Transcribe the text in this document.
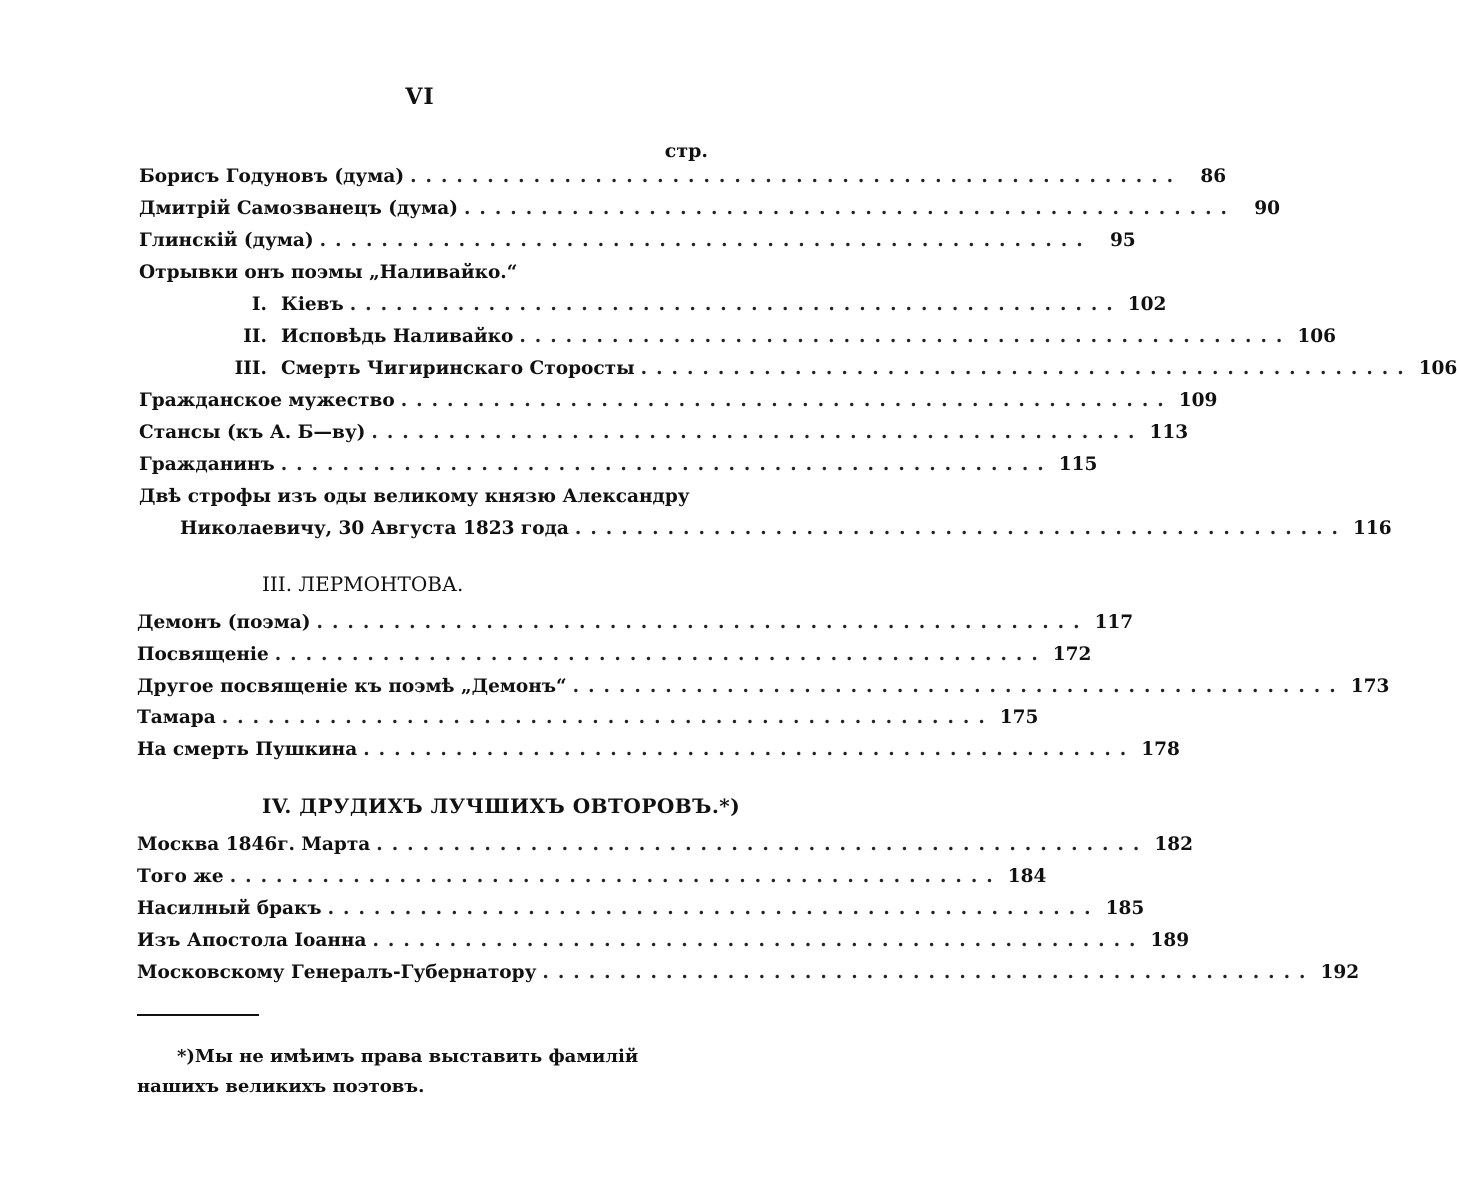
VI
стр.
Борисъ Годуновъ (дума) .................................................. 86
Дмитрій Самозванецъ (дума) .................................................. 90
Глинскій (дума) .................................................. 95
Отрывки онъ поэмы „Наливайко.“
I. Кіевъ .................................................. 102
II. Исповѣдь Наливайко .................................................. 106
III. Смерть Чигиринскаго Сторосты .................................................. 106
Гражданское мужество .................................................. 109
Стансы (къ А. Б—ву) .................................................. 113
Гражданинъ .................................................. 115
Двѣ строфы изъ оды великому князю Александру
Николаевичу, 30 Августа 1823 года .................................................. 116
III. ЛЕРМОНТОВА.
Демонъ (поэма) .................................................. 117
Посвященіе .................................................. 172
Другое посвященіе къ поэмѣ „Демонъ“ .................................................. 173
Тамара .................................................. 175
На смерть Пушкина .................................................. 178
IV. ДРУДИХЪ ЛУЧШИХЪ ОВТОРОВЪ.*)
Москва 1846г. Марта .................................................. 182
Того же .................................................. 184
Насилный бракъ .................................................. 185
Изъ Апостола Іоанна .................................................. 189
Московскому Генералъ-Губернатору .................................................. 192
*)Мы не имѣимъ права выставить фамилій нашихъ великихъ поэтовъ.
